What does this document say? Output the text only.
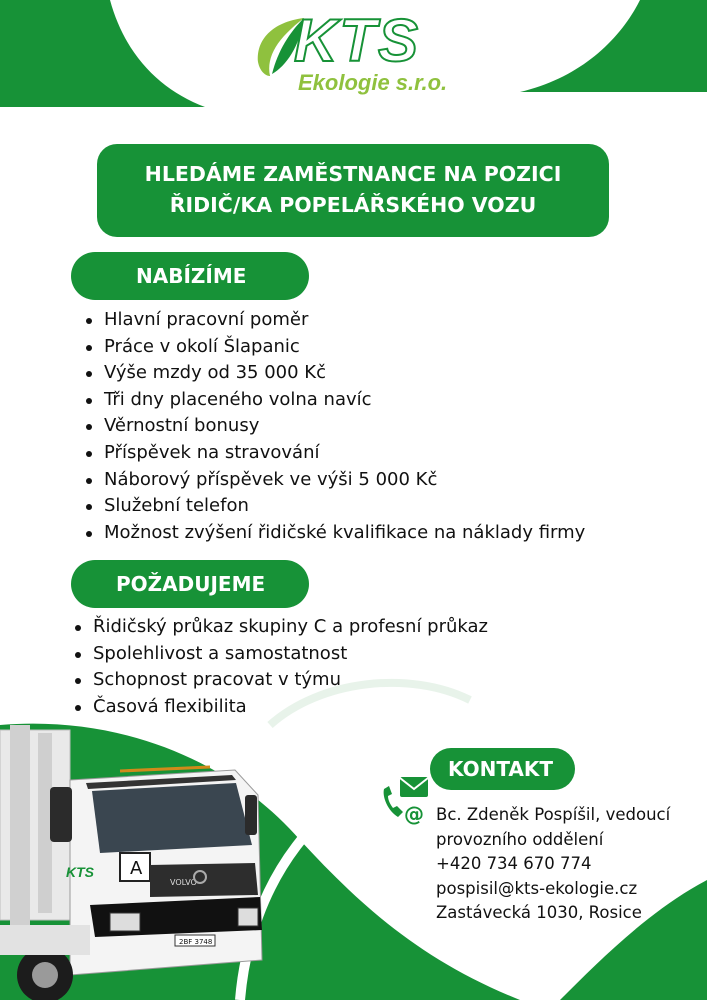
KTS
Ekologie s.r.o.
HLEDÁME ZAMĚSTNANCE NA POZICI
ŘIDIČ/KA POPELÁŘSKÉHO VOZU
NABÍZÍME
Hlavní pracovní poměr
Práce v okolí Šlapanic
Výše mzdy od 35 000 Kč
Tři dny placeného volna navíc
Věrnostní bonusy
Příspěvek na stravování
Náborový příspěvek ve výši 5 000 Kč
Služební telefon
Možnost zvýšení řidičské kvalifikace na náklady firmy
POŽADUJEME
Řidičský průkaz skupiny C a profesní průkaz
Spolehlivost a samostatnost
Schopnost pracovat v týmu
Časová flexibilita
A
VOLVO
2BF 3748
KTS
KONTAKT
@ Bc. Zdeněk Pospíšil, vedoucí
provozního oddělení
+420 734 670 774
pospisil@kts-ekologie.cz
Zastávecká 1030, Rosice
